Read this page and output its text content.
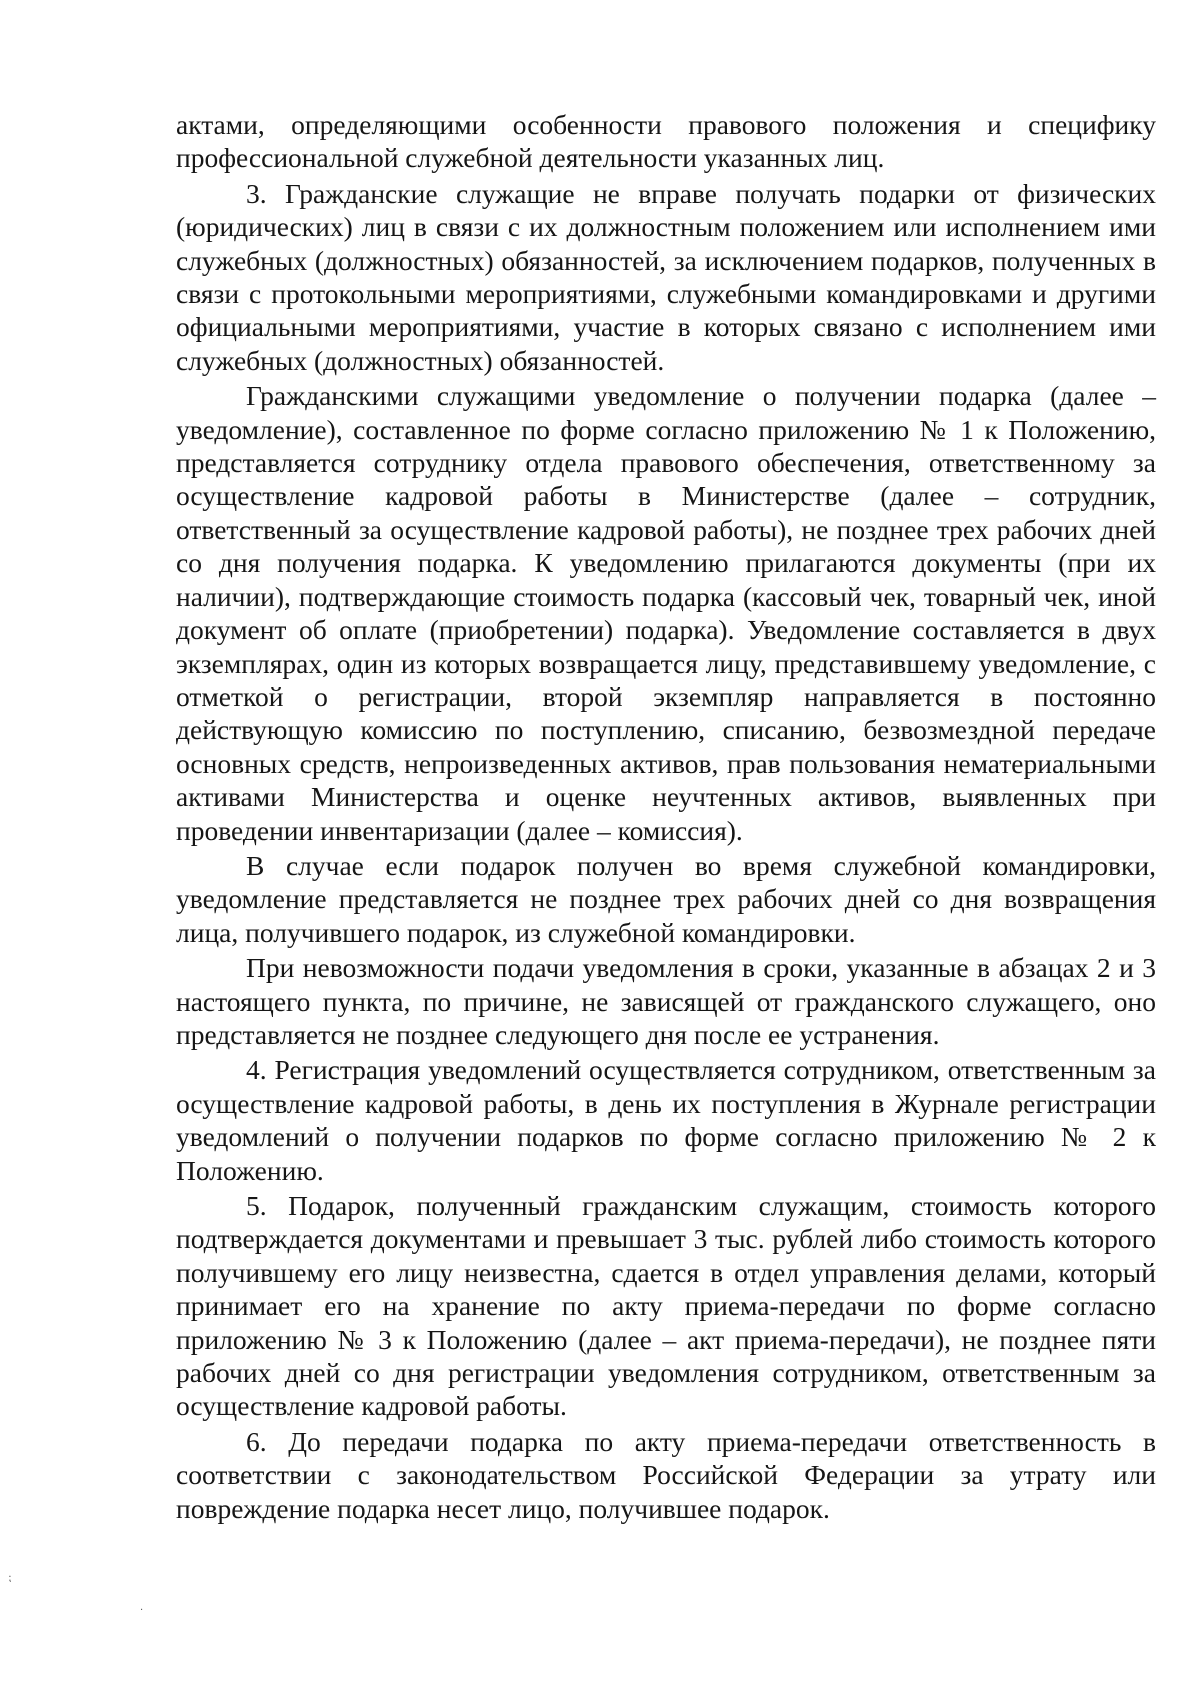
актами, определяющими особенности правового положения и специфику профессиональной служебной деятельности указанных лиц.

3. Гражданские служащие не вправе получать подарки от физических (юридических) лиц в связи с их должностным положением или исполнением ими служебных (должностных) обязанностей, за исключением подарков, полученных в связи с протокольными мероприятиями, служебными командировками и другими официальными мероприятиями, участие в которых связано с исполнением ими служебных (должностных) обязанностей.

Гражданскими служащими уведомление о получении подарка (далее – уведомление), составленное по форме согласно приложению № 1 к Положению, представляется сотруднику отдела правового обеспечения, ответственному за осуществление кадровой работы в Министерстве (далее – сотрудник, ответственный за осуществление кадровой работы), не позднее трех рабочих дней со дня получения подарка. К уведомлению прилагаются документы (при их наличии), подтверждающие стоимость подарка (кассовый чек, товарный чек, иной документ об оплате (приобретении) подарка). Уведомление составляется в двух экземплярах, один из которых возвращается лицу, представившему уведомление, с отметкой о регистрации, второй экземпляр направляется в постоянно действующую комиссию по поступлению, списанию, безвозмездной передаче основных средств, непроизведенных активов, прав пользования нематериальными активами Министерства и оценке неучтенных активов, выявленных при проведении инвентаризации (далее – комиссия).

В случае если подарок получен во время служебной командировки, уведомление представляется не позднее трех рабочих дней со дня возвращения лица, получившего подарок, из служебной командировки.

При невозможности подачи уведомления в сроки, указанные в абзацах 2 и 3 настоящего пункта, по причине, не зависящей от гражданского служащего, оно представляется не позднее следующего дня после ее устранения.

4. Регистрация уведомлений осуществляется сотрудником, ответственным за осуществление кадровой работы, в день их поступления в Журнале регистрации уведомлений о получении подарков по форме согласно приложению № 2 к Положению.

5. Подарок, полученный гражданским служащим, стоимость которого подтверждается документами и превышает 3 тыс. рублей либо стоимость которого получившему его лицу неизвестна, сдается в отдел управления делами, который принимает его на хранение по акту приема-передачи по форме согласно приложению № 3 к Положению (далее – акт приема-передачи), не позднее пяти рабочих дней со дня регистрации уведомления сотрудником, ответственным за осуществление кадровой работы.

6. До передачи подарка по акту приема-передачи ответственность в соответствии с законодательством Российской Федерации за утрату или повреждение подарка несет лицо, получившее подарок.

⁏
·
